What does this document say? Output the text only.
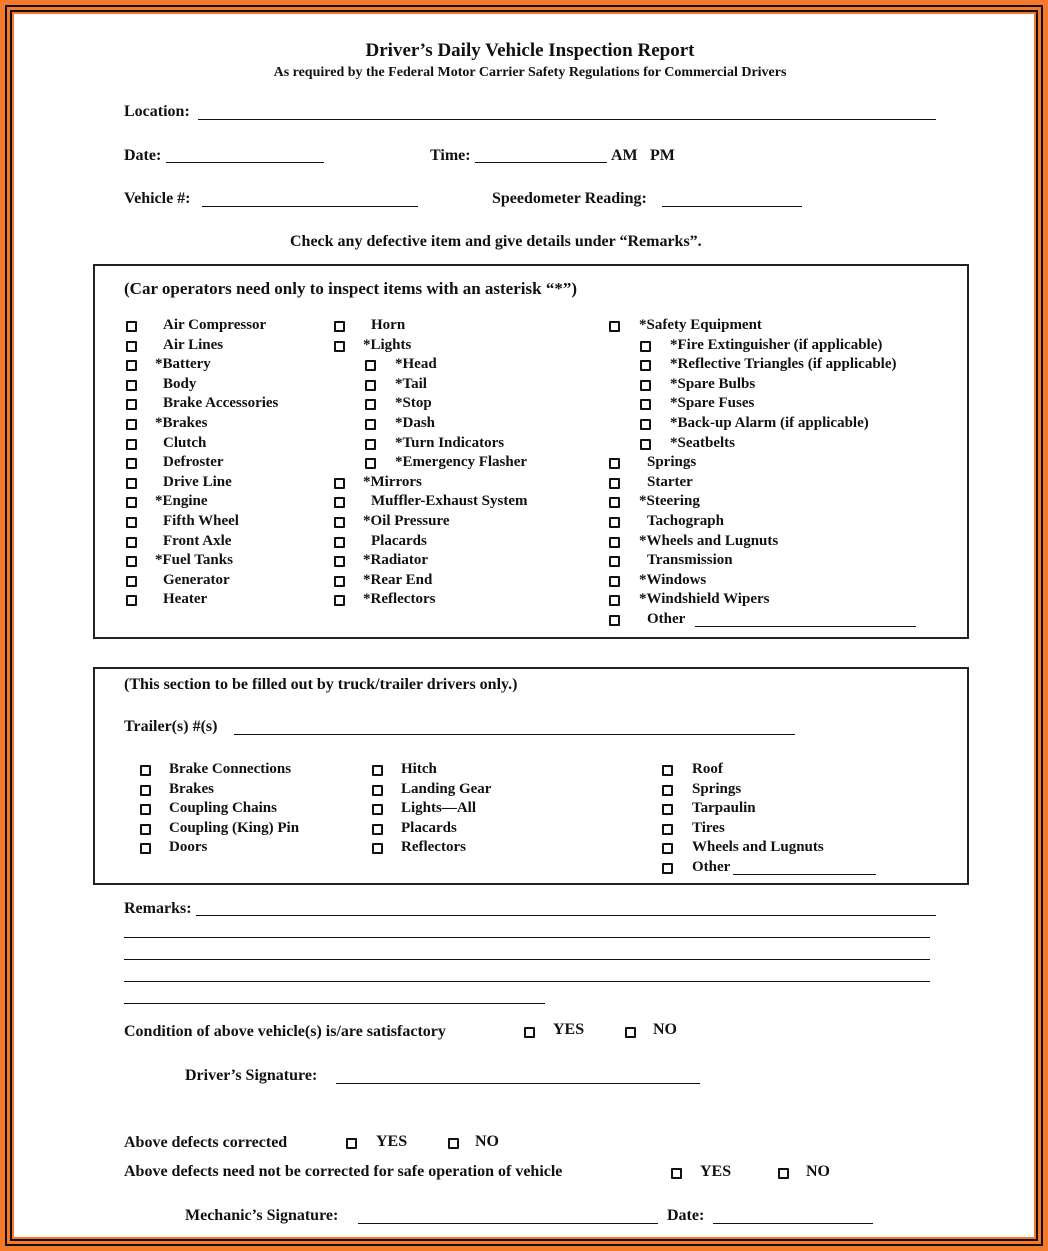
Driver’s Daily Vehicle Inspection Report
As required by the Federal Motor Carrier Safety Regulations for Commercial Drivers
Location:
Date:	Time:	AM PM
Vehicle #:	Speedometer Reading:
Check any defective item and give details under “Remarks”.
(Car operators need only to inspect items with an asterisk “*”)
Air Compressor
Air Lines
*Battery
Body
Brake Accessories
*Brakes
Clutch
Defroster
Drive Line
*Engine
Fifth Wheel
Front Axle
*Fuel Tanks
Generator
Heater
Horn
*Lights
*Head
*Tail
*Stop
*Dash
*Turn Indicators
*Emergency Flasher
*Mirrors
Muffler-Exhaust System
*Oil Pressure
Placards
*Radiator
*Rear End
*Reflectors
*Safety Equipment
*Fire Extinguisher (if applicable)
*Reflective Triangles (if applicable)
*Spare Bulbs
*Spare Fuses
*Back-up Alarm (if applicable)
*Seatbelts
Springs
Starter
*Steering
Tachograph
*Wheels and Lugnuts
Transmission
*Windows
*Windshield Wipers
Other
(This section to be filled out by truck/trailer drivers only.)
Trailer(s) #(s)
Brake Connections
Brakes
Coupling Chains
Coupling (King) Pin
Doors
Hitch
Landing Gear
Lights—All
Placards
Reflectors
Roof
Springs
Tarpaulin
Tires
Wheels and Lugnuts
Other
Remarks:
Condition of above vehicle(s) is/are satisfactory	YES	NO
Driver’s Signature:
Above defects corrected	YES	NO
Above defects need not be corrected for safe operation of vehicle	YES	NO
Mechanic’s Signature:	Date:
